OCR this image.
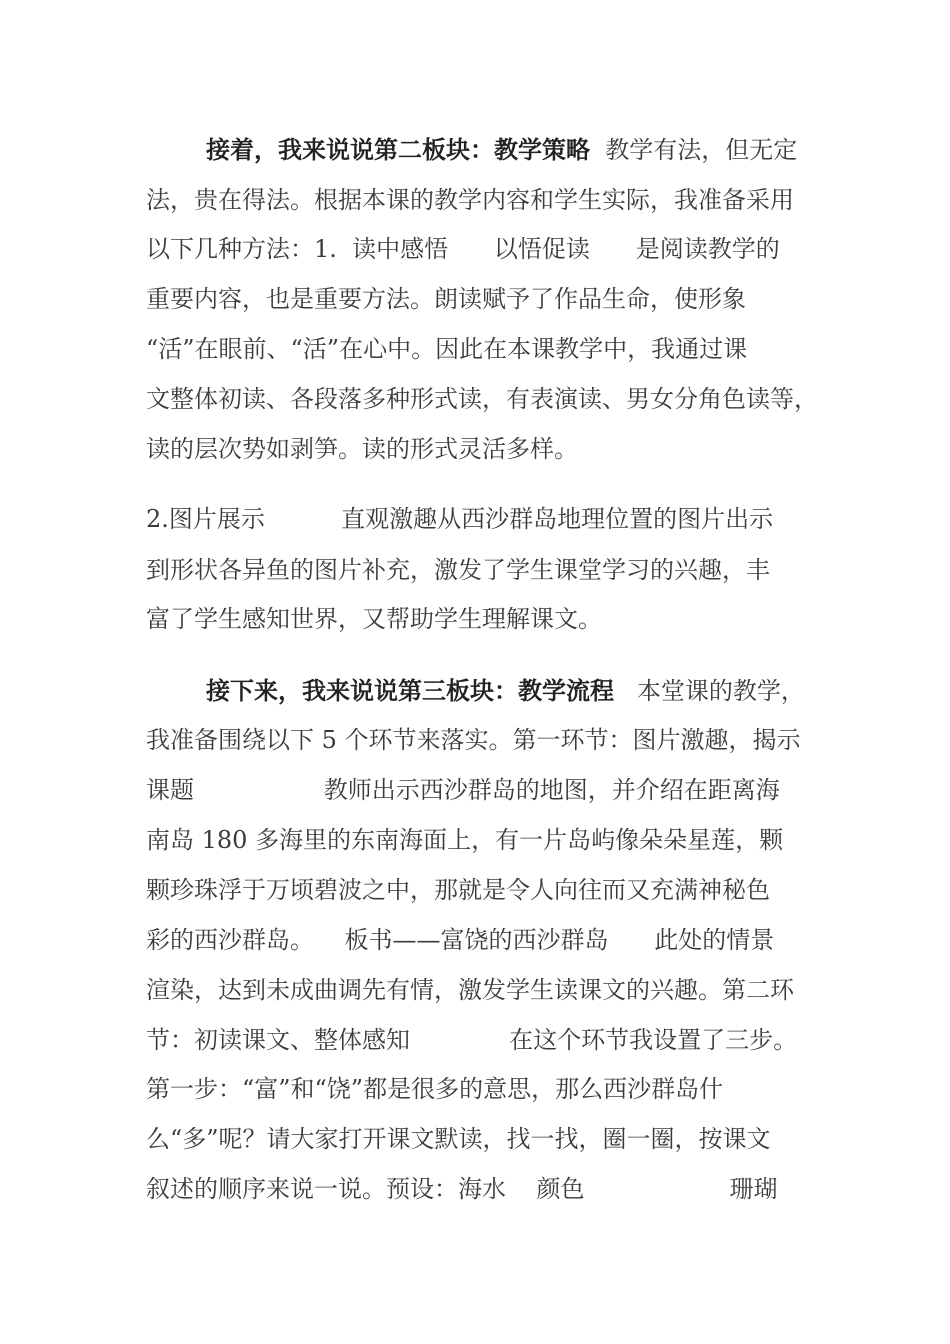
接着，我来说说第二板块：教学策略  教学有法，但无定
法，贵在得法。根据本课的教学内容和学生实际，我准备采用
以下几种方法：1.  读中感悟      以悟促读      是阅读教学的
重要内容，也是重要方法。朗读赋予了作品生命，使形象
“活”在眼前、“活”在心中。因此在本课教学中，我通过课
文整体初读、各段落多种形式读，有表演读、男女分角色读等，
读的层次势如剥笋。读的形式灵活多样。
2.图片展示          直观激趣从西沙群岛地理位置的图片出示
到形状各异鱼的图片补充，激发了学生课堂学习的兴趣，丰
富了学生感知世界，又帮助学生理解课文。
接下来，我来说说第三板块：教学流程   本堂课的教学，
我准备围绕以下 5 个环节来落实。第一环节：图片激趣，揭示
课题                 教师出示西沙群岛的地图，并介绍在距离海
南岛 180 多海里的东南海面上，有一片岛屿像朵朵星莲，颗
颗珍珠浮于万顷碧波之中，那就是令人向往而又充满神秘色
彩的西沙群岛。    板书——富饶的西沙群岛      此处的情景
渲染，达到未成曲调先有情，激发学生读课文的兴趣。第二环
节：初读课文、整体感知             在这个环节我设置了三步。
第一步：“富”和“饶”都是很多的意思，那么西沙群岛什
么“多”呢？请大家打开课文默读，找一找，圈一圈，按课文
叙述的顺序来说一说。预设：海水    颜色                   珊瑚
